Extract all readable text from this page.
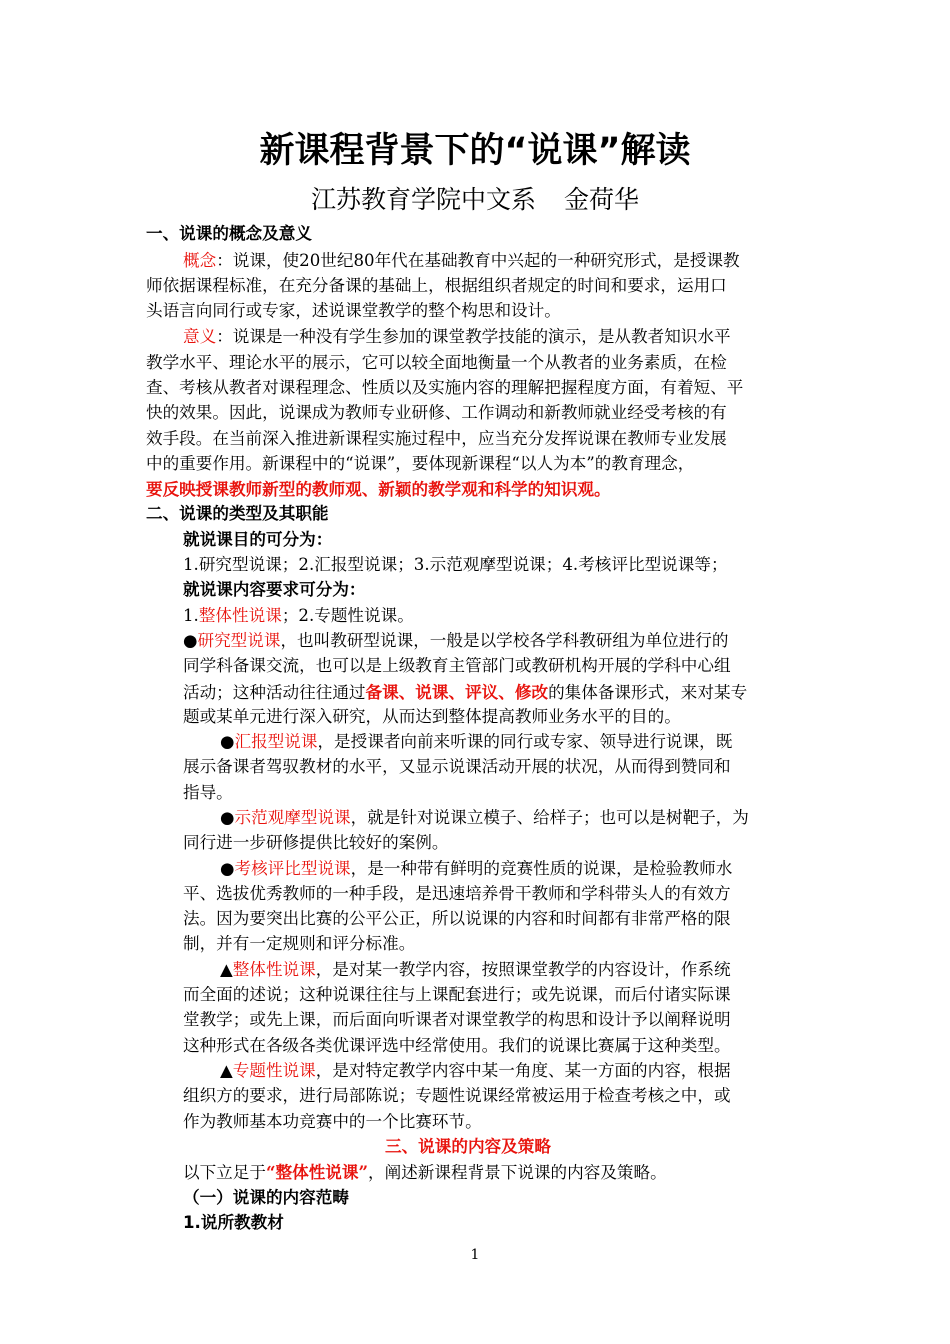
新课程背景下的“说课”解读
江苏教育学院中文系 金荷华
一、说课的概念及意义
概念：说课，使20世纪80年代在基础教育中兴起的一种研究形式，是授课教
师依据课程标准，在充分备课的基础上，根据组织者规定的时间和要求，运用口
头语言向同行或专家，述说课堂教学的整个构思和设计。
意义：说课是一种没有学生参加的课堂教学技能的演示，是从教者知识水平
教学水平、理论水平的展示，它可以较全面地衡量一个从教者的业务素质，在检
查、考核从教者对课程理念、性质以及实施内容的理解把握程度方面，有着短、平
快的效果。因此，说课成为教师专业研修、工作调动和新教师就业经受考核的有
效手段。在当前深入推进新课程实施过程中，应当充分发挥说课在教师专业发展
中的重要作用。新课程中的“说课”，要体现新课程“以人为本”的教育理念，
要反映授课教师新型的教师观、新颖的教学观和科学的知识观。
二、说课的类型及其职能
就说课目的可分为：
1.研究型说课；2.汇报型说课；3.示范观摩型说课；4.考核评比型说课等；
就说课内容要求可分为：
1.整体性说课；2.专题性说课。
●研究型说课，也叫教研型说课，一般是以学校各学科教研组为单位进行的
同学科备课交流，也可以是上级教育主管部门或教研机构开展的学科中心组
活动；这种活动往往通过备课、说课、评议、修改的集体备课形式，来对某专
题或某单元进行深入研究，从而达到整体提高教师业务水平的目的。
●汇报型说课，是授课者向前来听课的同行或专家、领导进行说课，既
展示备课者驾驭教材的水平，又显示说课活动开展的状况，从而得到赞同和
指导。
●示范观摩型说课，就是针对说课立模子、给样子；也可以是树靶子，为
同行进一步研修提供比较好的案例。
●考核评比型说课，是一种带有鲜明的竞赛性质的说课，是检验教师水
平、选拔优秀教师的一种手段，是迅速培养骨干教师和学科带头人的有效方
法。因为要突出比赛的公平公正，所以说课的内容和时间都有非常严格的限
制，并有一定规则和评分标准。
▲整体性说课，是对某一教学内容，按照课堂教学的内容设计，作系统
而全面的述说；这种说课往往与上课配套进行；或先说课，而后付诸实际课
堂教学；或先上课，而后面向听课者对课堂教学的构思和设计予以阐释说明
这种形式在各级各类优课评选中经常使用。我们的说课比赛属于这种类型。
▲专题性说课，是对特定教学内容中某一角度、某一方面的内容，根据
组织方的要求，进行局部陈说；专题性说课经常被运用于检查考核之中，或
作为教师基本功竞赛中的一个比赛环节。
三、说课的内容及策略
以下立足于“整体性说课”，阐述新课程背景下说课的内容及策略。
（一）说课的内容范畴
1.说所教教材
1
